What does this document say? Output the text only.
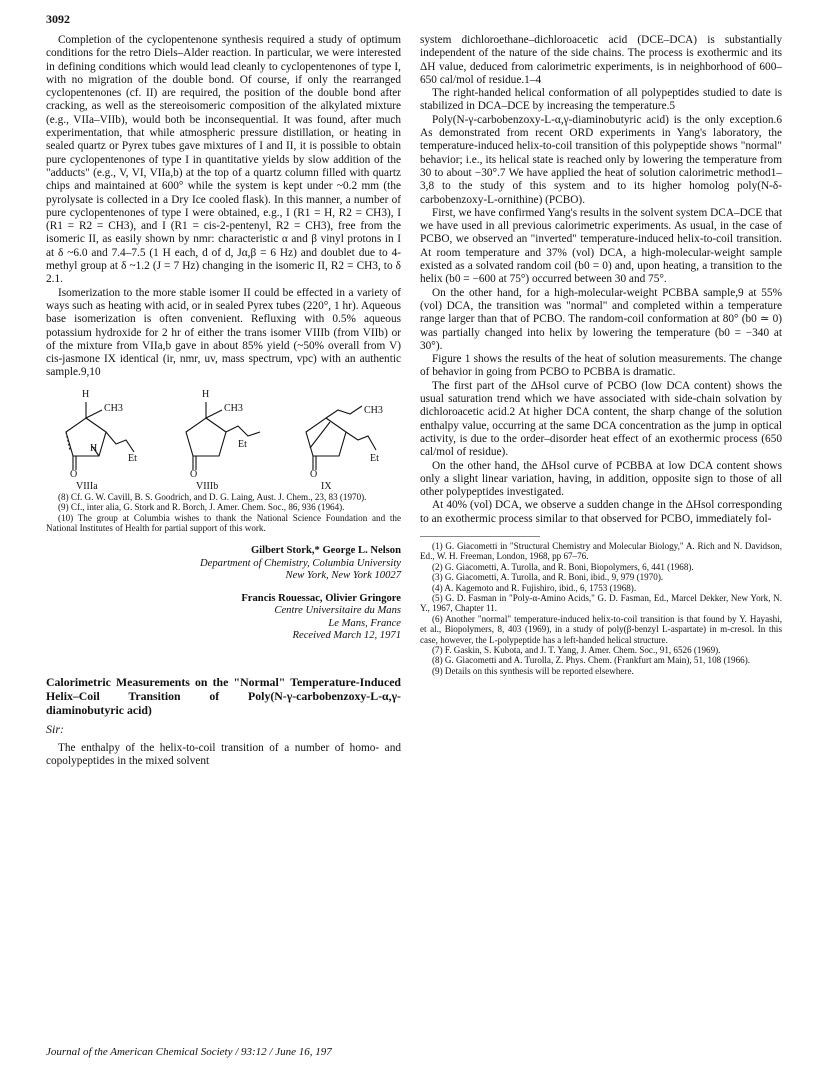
3092

Completion of the cyclopentenone synthesis required a study of optimum conditions for the retro Diels–Alder reaction. In particular, we were interested in defining conditions which would lead cleanly to cyclopentenones of type I, with no migration of the double bond. Of course, if only the rearranged cyclopentenones (cf. II) are required, the position of the double bond after cracking, as well as the stereoisomeric composition of the alkylated mixture (e.g., VIIa–VIIb), would both be inconsequential. It was found, after much experimentation, that while atmospheric pressure distillation, or heating in sealed quartz or Pyrex tubes gave mixtures of I and II, it is possible to obtain pure cyclopentenones of type I in quantitative yields by slow addition of the "adducts" (e.g., V, VI, VIIa,b) at the top of a quartz column filled with quartz chips and maintained at 600° while the system is kept under ~0.2 mm (the pyrolysate is collected in a Dry Ice cooled flask). In this manner, a number of pure cyclopentenones of type I were obtained, e.g., I (R1 = H, R2 = CH3), I (R1 = R2 = CH3), and I (R1 = cis-2-pentenyl, R2 = CH3), free from the isomeric II, as easily shown by nmr: characteristic α and β vinyl protons in I at δ ~6.0 and 7.4–7.5 (1 H each, d of d, Jα,β = 6 Hz) and doublet due to 4-methyl group at δ ~1.2 (J = 7 Hz) changing in the isomeric II, R2 = CH3, to δ 2.1.

Isomerization to the more stable isomer II could be effected in a variety of ways such as heating with acid, or in sealed Pyrex tubes (220°, 1 hr). Aqueous base isomerization is often convenient. Refluxing with 0.5% aqueous potassium hydroxide for 2 hr of either the trans isomer VIIIb (from VIIb) or of the mixture from VIIa,b gave in about 85% yield (~50% overall from V) cis-jasmone IX identical (ir, nmr, uv, mass spectrum, vpc) with an authentic sample.9,10

H
CH3
O
H
Et
VIIIa
H
CH3
O
Et
VIIIb
CH3
O
Et
IX

(8) Cf. G. W. Cavill, B. S. Goodrich, and D. G. Laing, Aust. J. Chem., 23, 83 (1970).

(9) Cf., inter alia, G. Stork and R. Borch, J. Amer. Chem. Soc., 86, 936 (1964).

(10) The group at Columbia wishes to thank the National Science Foundation and the National Institutes of Health for partial support of this work.

Gilbert Stork,* George L. Nelson
Department of Chemistry, Columbia University
New York, New York 10027
Francis Rouessac, Olivier Gringore
Centre Universitaire du Mans
Le Mans, France
Received March 12, 1971
Calorimetric Measurements on the "Normal" Temperature-Induced Helix–Coil Transition of Poly(N-γ-carbobenzoxy-L-α,γ-diaminobutyric acid)
Sir:

The enthalpy of the helix-to-coil transition of a number of homo- and copolypeptides in the mixed solvent

system dichloroethane–dichloroacetic acid (DCE–DCA) is substantially independent of the nature of the side chains. The process is exothermic and its ΔH value, deduced from calorimetric experiments, is in neighborhood of 600–650 cal/mol of residue.1–4

The right-handed helical conformation of all polypeptides studied to date is stabilized in DCA–DCE by increasing the temperature.5

Poly(N-γ-carbobenzoxy-L-α,γ-diaminobutyric acid) is the only exception.6 As demonstrated from recent ORD experiments in Yang's laboratory, the temperature-induced helix-to-coil transition of this polypeptide shows "normal" behavior; i.e., its helical state is reached only by lowering the temperature from 30 to about −30°.7 We have applied the heat of solution calorimetric method1–3,8 to the study of this system and to its higher homolog poly(N-δ-carbobenzoxy-L-ornithine) (PCBO).

First, we have confirmed Yang's results in the solvent system DCA–DCE that we have used in all previous calorimetric experiments. As usual, in the case of PCBO, we observed an "inverted" temperature-induced helix-to-coil transition. At room temperature and 37% (vol) DCA, a high-molecular-weight sample existed as a solvated random coil (b0 = 0) and, upon heating, a transition to the helix (b0 = −600 at 75°) occurred between 30 and 75°.

On the other hand, for a high-molecular-weight PCBBA sample,9 at 55% (vol) DCA, the transition was "normal" and completed within a temperature range larger than that of PCBO. The random-coil conformation at 80° (b0 ≃ 0) was partially changed into helix by lowering the temperature (b0 = −340 at 30°).

Figure 1 shows the results of the heat of solution measurements. The change of behavior in going from PCBO to PCBBA is dramatic.

The first part of the ΔHsol curve of PCBO (low DCA content) shows the usual saturation trend which we have associated with side-chain solvation by dichloroacetic acid.2 At higher DCA content, the sharp change of the solution enthalpy value, occurring at the same DCA concentration as the jump in optical activity, is due to the order–disorder heat effect of an exothermic process (650 cal/mol of residue).

On the other hand, the ΔHsol curve of PCBBA at low DCA content shows only a slight linear variation, having, in addition, opposite sign to those of all other polypeptides investigated.

At 40% (vol) DCA, we observe a sudden change in the ΔHsol corresponding to an exothermic process similar to that observed for PCBO, immediately fol-

(1) G. Giacometti in "Structural Chemistry and Molecular Biology," A. Rich and N. Davidson, Ed., W. H. Freeman, London, 1968, pp 67–76.

(2) G. Giacometti, A. Turolla, and R. Boni, Biopolymers, 6, 441 (1968).

(3) G. Giacometti, A. Turolla, and R. Boni, ibid., 9, 979 (1970).

(4) A. Kagemoto and R. Fujishiro, ibid., 6, 1753 (1968).

(5) G. D. Fasman in "Poly-α-Amino Acids," G. D. Fasman, Ed., Marcel Dekker, New York, N. Y., 1967, Chapter 11.

(6) Another "normal" temperature-induced helix-to-coil transition is that found by Y. Hayashi, et al., Biopolymers, 8, 403 (1969), in a study of poly(β-benzyl L-aspartate) in m-cresol. In this case, however, the L-polypeptide has a left-handed helical structure.

(7) F. Gaskin, S. Kubota, and J. T. Yang, J. Amer. Chem. Soc., 91, 6526 (1969).

(8) G. Giacometti and A. Turolla, Z. Phys. Chem. (Frankfurt am Main), 51, 108 (1966).

(9) Details on this synthesis will be reported elsewhere.

Journal of the American Chemical Society / 93:12 / June 16, 197
